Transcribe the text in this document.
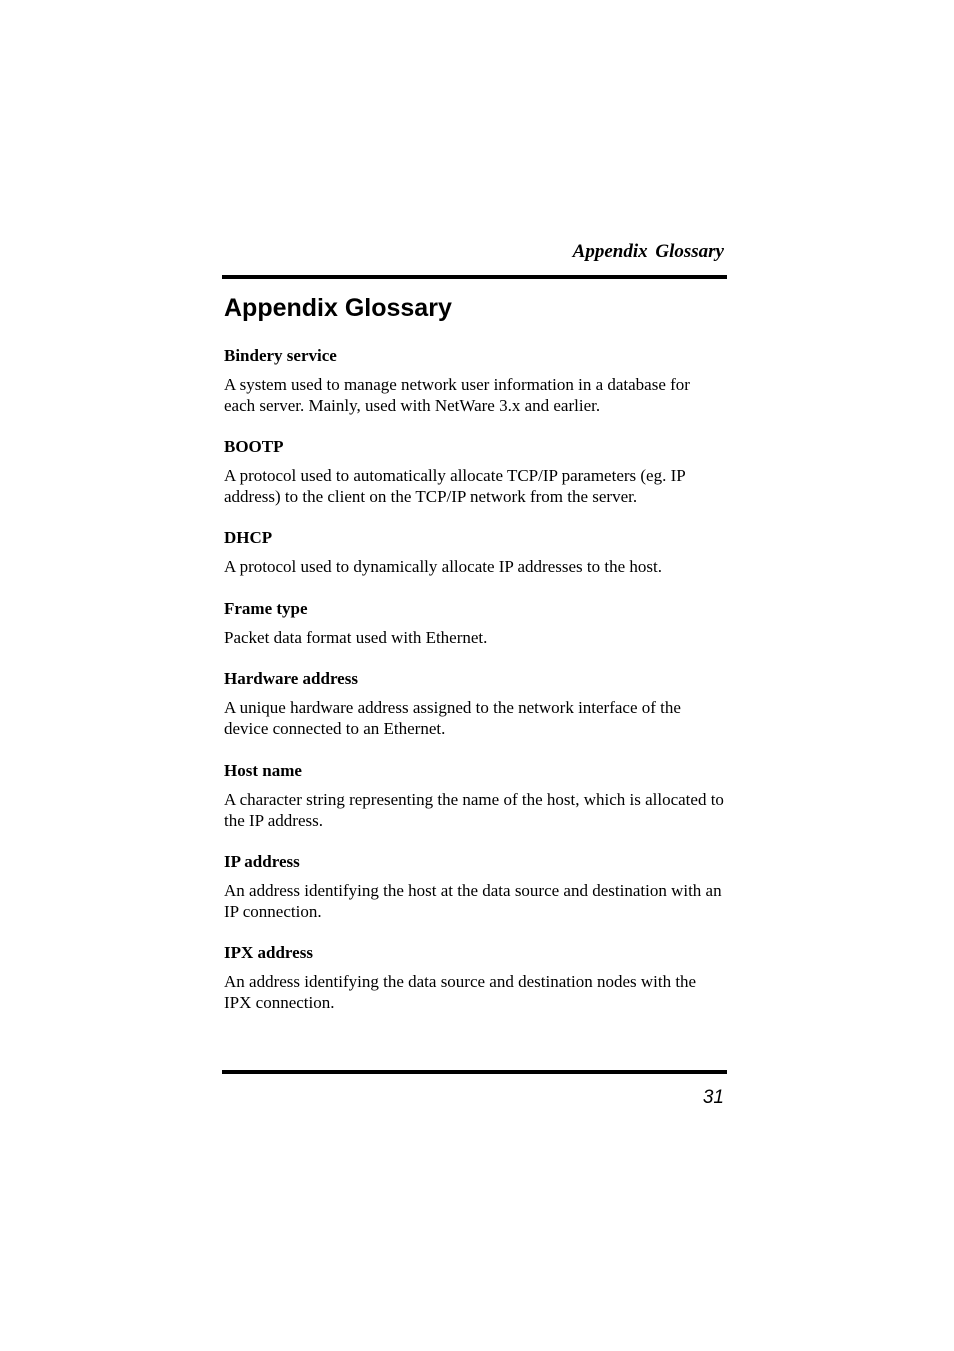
Appendix Glossary
Appendix Glossary

Bindery service

A system used to manage network user information in a database for each server. Mainly, used with NetWare 3.x and earlier.

BOOTP

A protocol used to automatically allocate TCP/IP parameters (eg. IP address) to the client on the TCP/IP network from the server.

DHCP

A protocol used to dynamically allocate IP addresses to the host.

Frame type

Packet data format used with Ethernet.

Hardware address

A unique hardware address assigned to the network interface of the device connected to an Ethernet.

Host name

A character string representing the name of the host, which is allocated to the IP address.

IP address

An address identifying the host at the data source and destination with an IP connection.

IPX address

An address identifying the data source and destination nodes with the IPX connection.

31
